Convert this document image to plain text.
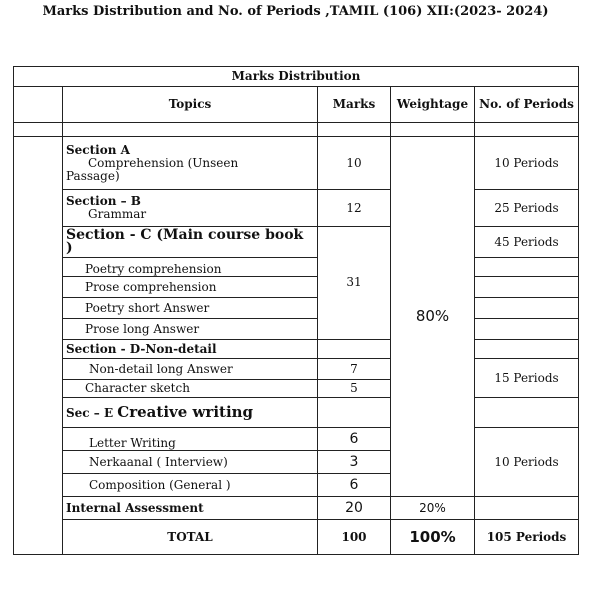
Marks Distribution and No. of Periods ,TAMIL (106) XII:(2023- 2024)
Marks Distribution				
	Topics	Marks	Weightage	No. of Periods

	Section A
Comprehension (Unseen
Passage)	10	80%	10 Periods

	Section – B
Grammar	12		25 Periods
	Section - C (Main course book )	31		45 Periods
	Poetry comprehension			
	Prose comprehension			
	Poetry short Answer			
	Prose long Answer			
	Section - D-Non-detail			
	Non-detail long Answer	7		15 Periods
	Character sketch	5		
	Sec – E Creative writing			
	Letter Writing	6		10 Periods
	Nerkaanal ( Interview)	3		
	Composition (General )	6		
	Internal Assessment	20	20%	
	TOTAL	100	100%	105 Periods
